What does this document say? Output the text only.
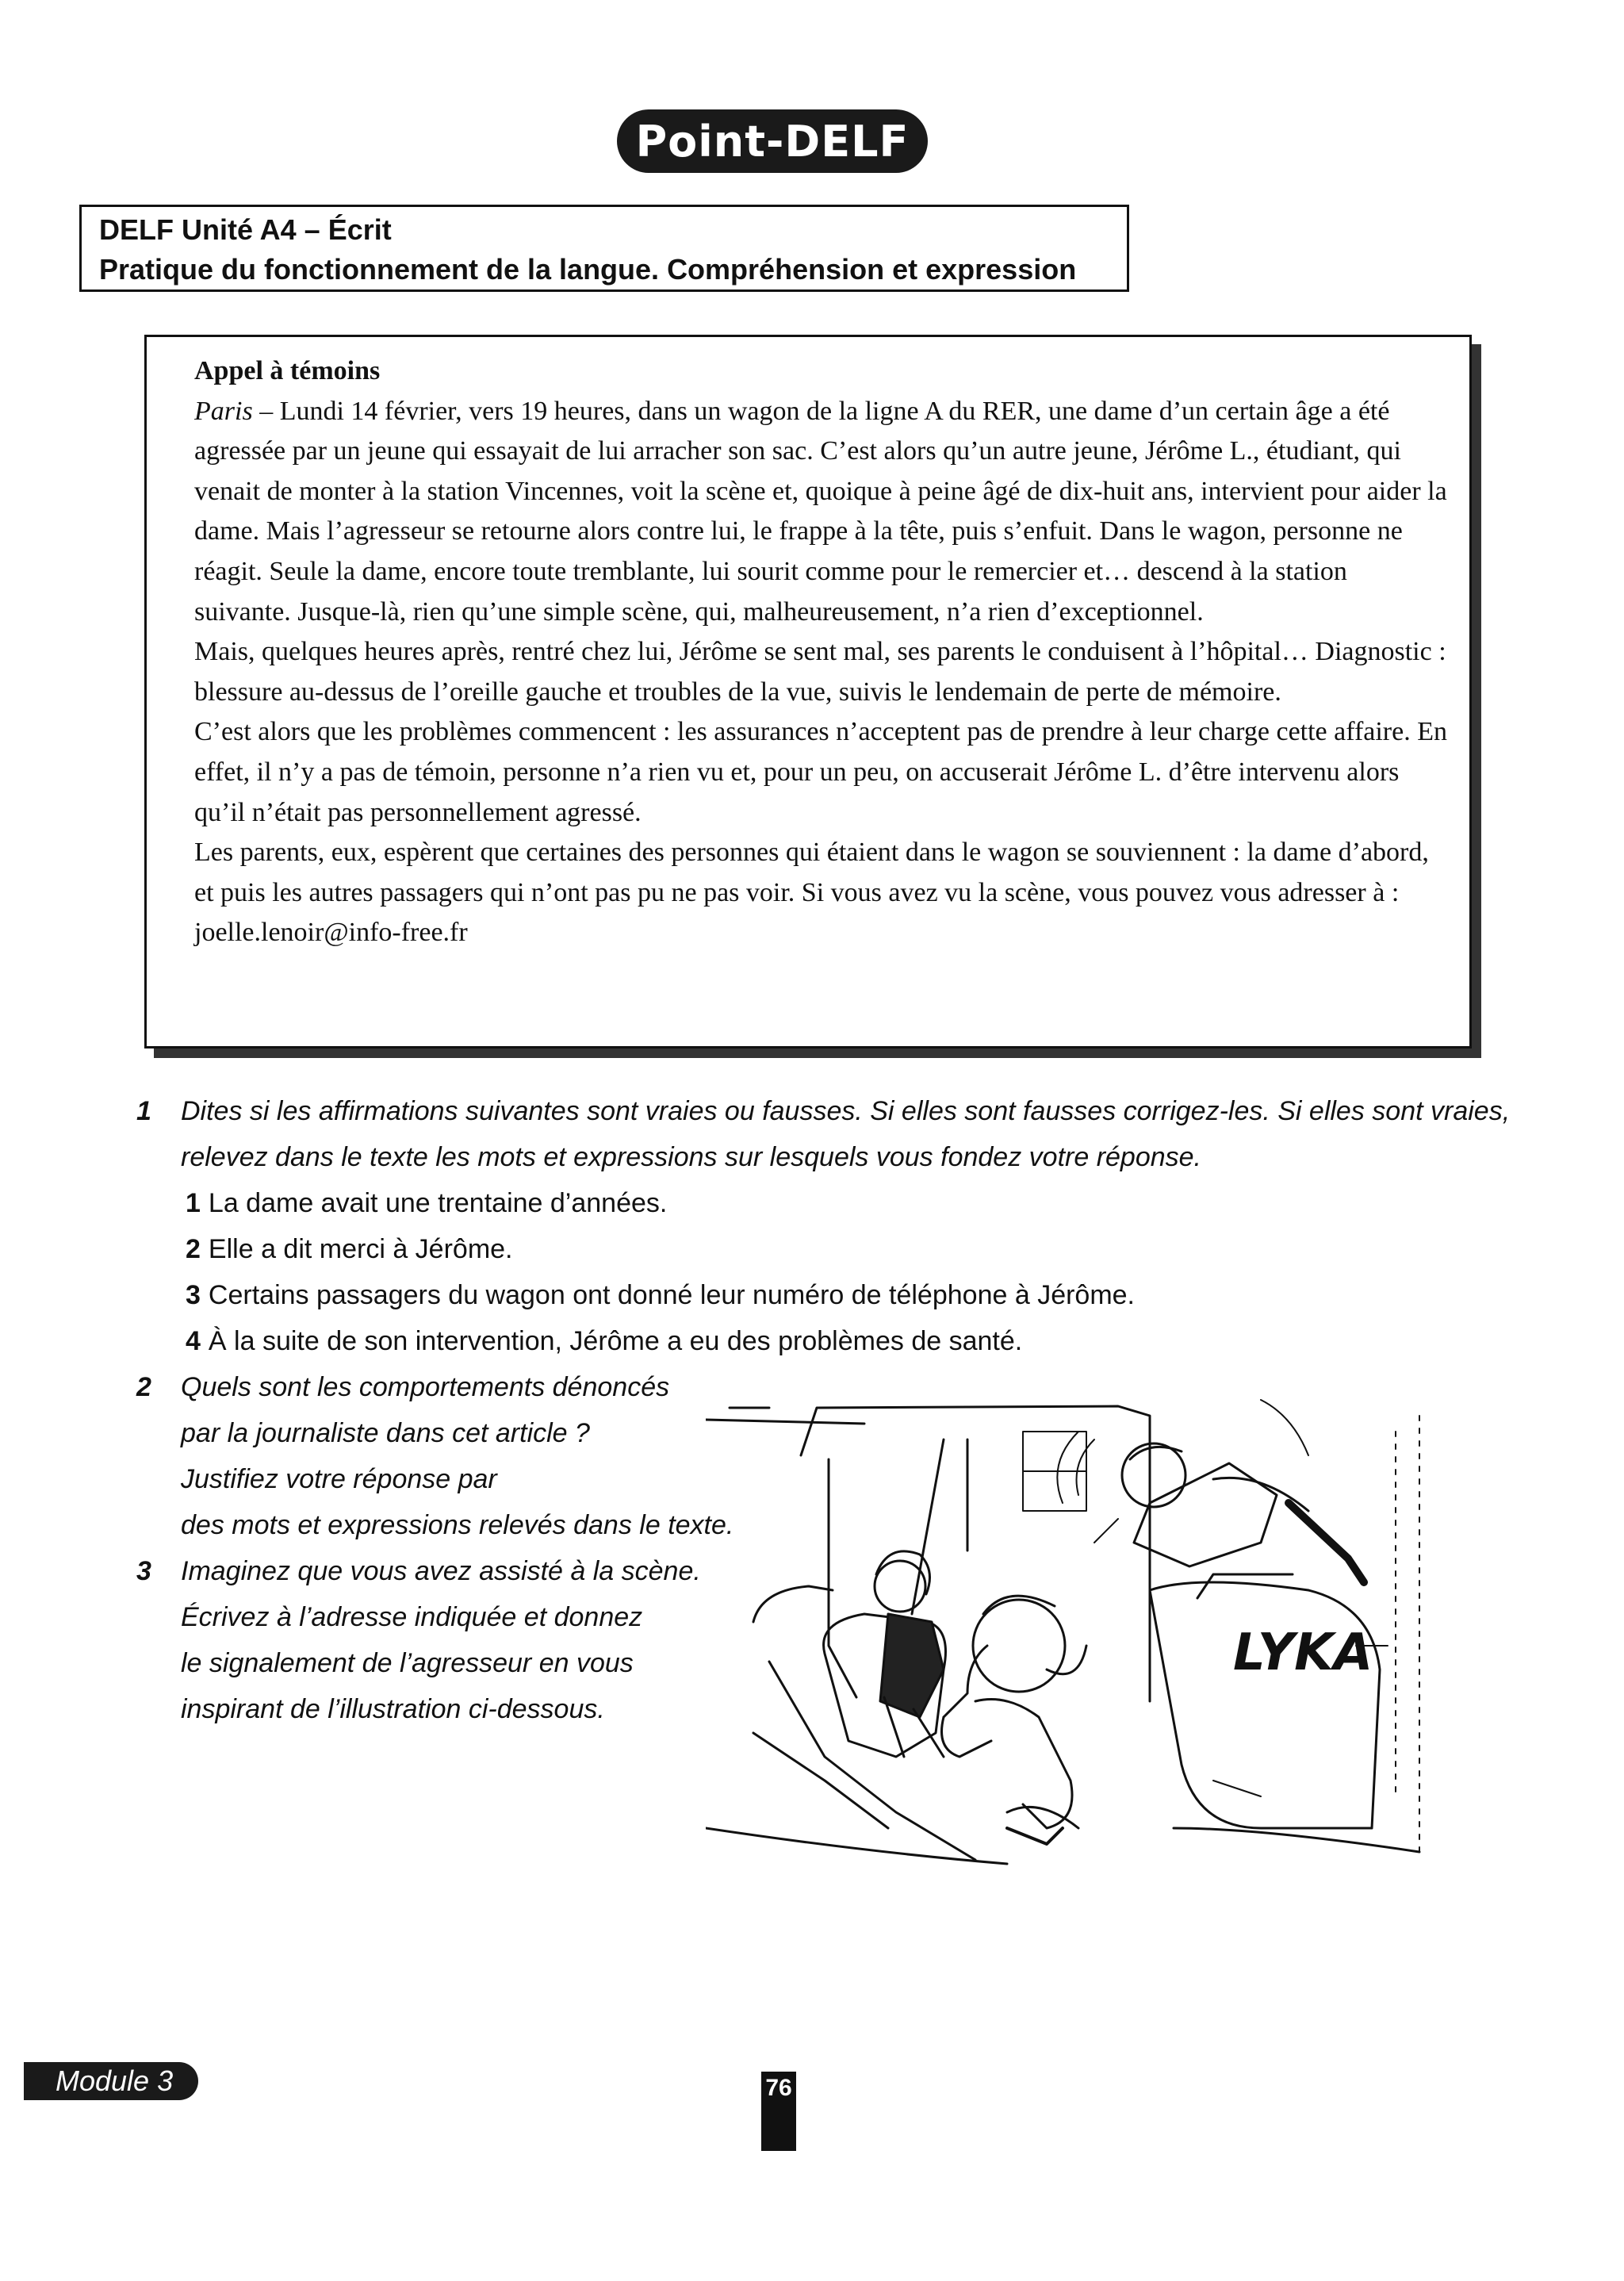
Point-DELF
DELF Unité A4 – Écrit
Pratique du fonctionnement de la langue. Compréhension et expression

Appel à témoins

Paris – Lundi 14 février, vers 19 heures, dans un wagon de la ligne A du RER, une dame d’un certain âge a été agressée par un jeune qui essayait de lui arracher son sac. C’est alors qu’un autre jeune, Jérôme L., étudiant, qui venait de monter à la station Vincennes, voit la scène et, quoique à peine âgé de dix-huit ans, intervient pour aider la dame. Mais l’agresseur se retourne alors contre lui, le frappe à la tête, puis s’enfuit. Dans le wagon, personne ne réagit. Seule la dame, encore toute tremblante, lui sourit comme pour le remercier et… descend à la station suivante. Jusque-là, rien qu’une simple scène, qui, malheureusement, n’a rien d’exceptionnel.

Mais, quelques heures après, rentré chez lui, Jérôme se sent mal, ses parents le conduisent à l’hôpital… Diagnostic : blessure au-dessus de l’oreille gauche et troubles de la vue, suivis le lendemain de perte de mémoire.

C’est alors que les problèmes commencent : les assurances n’acceptent pas de prendre à leur charge cette affaire. En effet, il n’y a pas de témoin, personne n’a rien vu et, pour un peu, on accuserait Jérôme L. d’être intervenu alors qu’il n’était pas personnellement agressé.

Les parents, eux, espèrent que certaines des personnes qui étaient dans le wagon se souviennent : la dame d’abord, et puis les autres passagers qui n’ont pas pu ne pas voir. Si vous avez vu la scène, vous pouvez vous adresser à : joelle.lenoir@info-free.fr

1 Dites si les affirmations suivantes sont vraies ou fausses. Si elles sont fausses corrigez-les. Si elles sont vraies,
relevez dans le texte les mots et expressions sur lesquels vous fondez votre réponse.
1 La dame avait une trentaine d’années.
2 Elle a dit merci à Jérôme.
3 Certains passagers du wagon ont donné leur numéro de téléphone à Jérôme.
4 À la suite de son intervention, Jérôme a eu des problèmes de santé.
2 Quels sont les comportements dénoncés
par la journaliste dans cet article ?
Justifiez votre réponse par
des mots et expressions relevés dans le texte.
3 Imaginez que vous avez assisté à la scène.
Écrivez à l’adresse indiquée et donnez
le signalement de l’agresseur en vous
inspirant de l’illustration ci-dessous.
LYKA
Module 3	76
